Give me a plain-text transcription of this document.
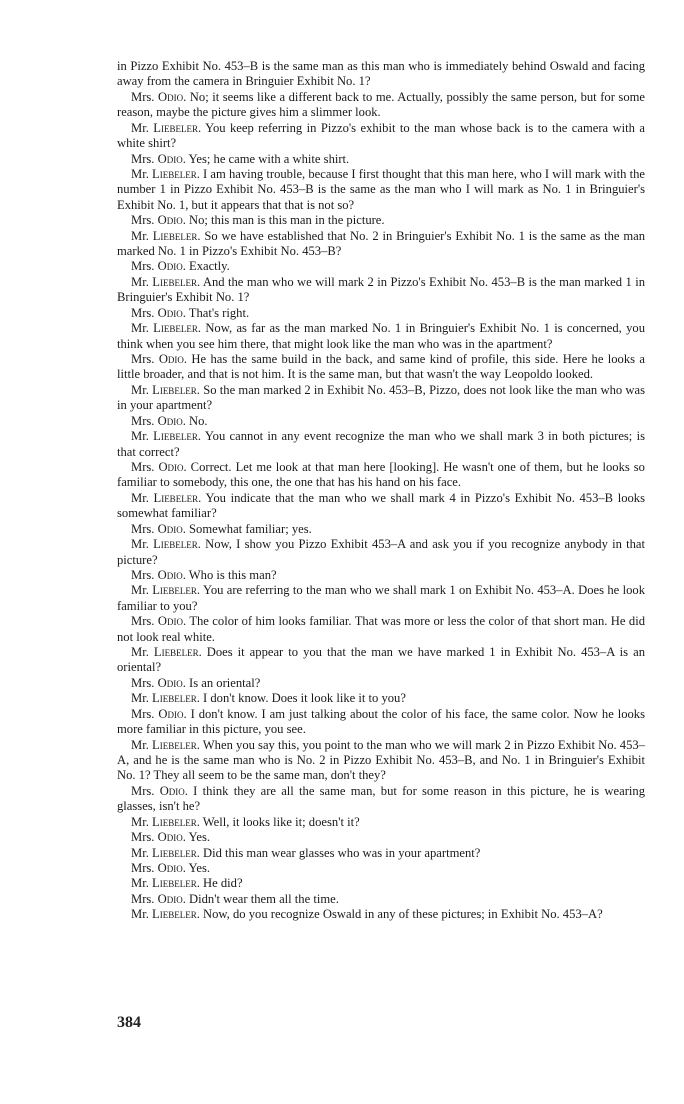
in Pizzo Exhibit No. 453–B is the same man as this man who is immediately behind Oswald and facing away from the camera in Bringuier Exhibit No. 1?

Mrs. Odio. No; it seems like a different back to me. Actually, possibly the same person, but for some reason, maybe the picture gives him a slimmer look.

Mr. Liebeler. You keep referring in Pizzo's exhibit to the man whose back is to the camera with a white shirt?

Mrs. Odio. Yes; he came with a white shirt.

Mr. Liebeler. I am having trouble, because I first thought that this man here, who I will mark with the number 1 in Pizzo Exhibit No. 453–B is the same as the man who I will mark as No. 1 in Bringuier's Exhibit No. 1, but it appears that that is not so?

Mrs. Odio. No; this man is this man in the picture.

Mr. Liebeler. So we have established that No. 2 in Bringuier's Exhibit No. 1 is the same as the man marked No. 1 in Pizzo's Exhibit No. 453–B?

Mrs. Odio. Exactly.

Mr. Liebeler. And the man who we will mark 2 in Pizzo's Exhibit No. 453–B is the man marked 1 in Bringuier's Exhibit No. 1?

Mrs. Odio. That's right.

Mr. Liebeler. Now, as far as the man marked No. 1 in Bringuier's Exhibit No. 1 is concerned, you think when you see him there, that might look like the man who was in the apartment?

Mrs. Odio. He has the same build in the back, and same kind of profile, this side. Here he looks a little broader, and that is not him. It is the same man, but that wasn't the way Leopoldo looked.

Mr. Liebeler. So the man marked 2 in Exhibit No. 453–B, Pizzo, does not look like the man who was in your apartment?

Mrs. Odio. No.

Mr. Liebeler. You cannot in any event recognize the man who we shall mark 3 in both pictures; is that correct?

Mrs. Odio. Correct. Let me look at that man here [looking]. He wasn't one of them, but he looks so familiar to somebody, this one, the one that has his hand on his face.

Mr. Liebeler. You indicate that the man who we shall mark 4 in Pizzo's Exhibit No. 453–B looks somewhat familiar?

Mrs. Odio. Somewhat familiar; yes.

Mr. Liebeler. Now, I show you Pizzo Exhibit 453–A and ask you if you recognize anybody in that picture?

Mrs. Odio. Who is this man?

Mr. Liebeler. You are referring to the man who we shall mark 1 on Exhibit No. 453–A. Does he look familiar to you?

Mrs. Odio. The color of him looks familiar. That was more or less the color of that short man. He did not look real white.

Mr. Liebeler. Does it appear to you that the man we have marked 1 in Exhibit No. 453–A is an oriental?

Mrs. Odio. Is an oriental?

Mr. Liebeler. I don't know. Does it look like it to you?

Mrs. Odio. I don't know. I am just talking about the color of his face, the same color. Now he looks more familiar in this picture, you see.

Mr. Liebeler. When you say this, you point to the man who we will mark 2 in Pizzo Exhibit No. 453–A, and he is the same man who is No. 2 in Pizzo Exhibit No. 453–B, and No. 1 in Bringuier's Exhibit No. 1? They all seem to be the same man, don't they?

Mrs. Odio. I think they are all the same man, but for some reason in this picture, he is wearing glasses, isn't he?

Mr. Liebeler. Well, it looks like it; doesn't it?

Mrs. Odio. Yes.

Mr. Liebeler. Did this man wear glasses who was in your apartment?

Mrs. Odio. Yes.

Mr. Liebeler. He did?

Mrs. Odio. Didn't wear them all the time.

Mr. Liebeler. Now, do you recognize Oswald in any of these pictures; in Exhibit No. 453–A?

384
